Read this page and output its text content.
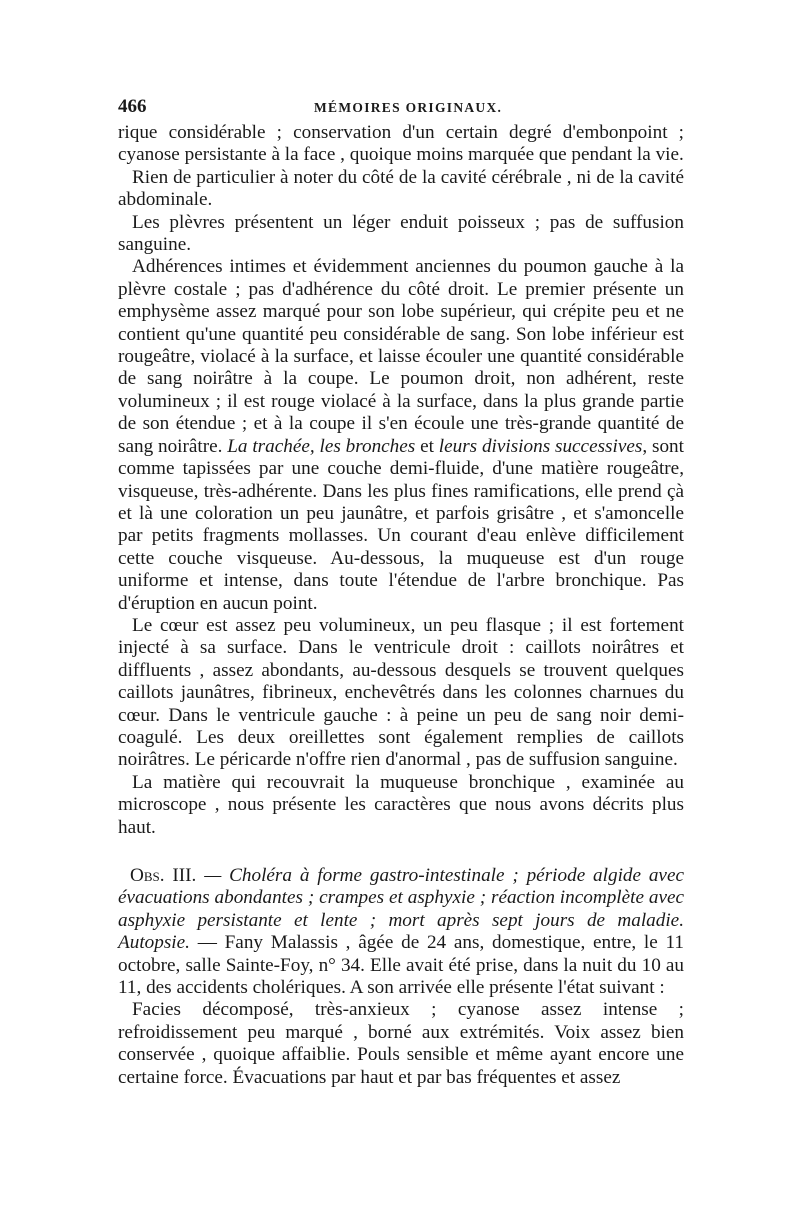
466	MÉMOIRES ORIGINAUX.

rique considérable ; conservation d'un certain degré d'embonpoint ; cyanose persistante à la face , quoique moins marquée que pendant la vie.

Rien de particulier à noter du côté de la cavité cérébrale , ni de la cavité abdominale.

Les plèvres présentent un léger enduit poisseux ; pas de suffusion sanguine.

Adhérences intimes et évidemment anciennes du poumon gauche à la plèvre costale ; pas d'adhérence du côté droit. Le premier présente un emphysème assez marqué pour son lobe supérieur, qui crépite peu et ne contient qu'une quantité peu considérable de sang. Son lobe inférieur est rougeâtre, violacé à la surface, et laisse écouler une quantité considérable de sang noirâtre à la coupe. Le poumon droit, non adhérent, reste volumineux ; il est rouge violacé à la surface, dans la plus grande partie de son étendue ; et à la coupe il s'en écoule une très-grande quantité de sang noirâtre. La trachée, les bronches et leurs divisions successives, sont comme tapissées par une couche demi-fluide, d'une matière rougeâtre, visqueuse, très-adhérente. Dans les plus fines ramifications, elle prend çà et là une coloration un peu jaunâtre, et parfois grisâtre , et s'amoncelle par petits fragments mollasses. Un courant d'eau enlève difficilement cette couche visqueuse. Au-dessous, la muqueuse est d'un rouge uniforme et intense, dans toute l'étendue de l'arbre bronchique. Pas d'éruption en aucun point.

Le cœur est assez peu volumineux, un peu flasque ; il est fortement injecté à sa surface. Dans le ventricule droit : caillots noirâtres et diffluents , assez abondants, au-dessous desquels se trouvent quelques caillots jaunâtres, fibrineux, enchevêtrés dans les colonnes charnues du cœur. Dans le ventricule gauche : à peine un peu de sang noir demi-coagulé. Les deux oreillettes sont également remplies de caillots noirâtres. Le péricarde n'offre rien d'anormal , pas de suffusion sanguine.

La matière qui recouvrait la muqueuse bronchique , examinée au microscope , nous présente les caractères que nous avons décrits plus haut.

Obs. III. — Choléra à forme gastro-intestinale ; période algide avec évacuations abondantes ; crampes et asphyxie ; réaction incomplète avec asphyxie persistante et lente ; mort après sept jours de maladie. Autopsie. — Fany Malassis , âgée de 24 ans, domestique, entre, le 11 octobre, salle Sainte-Foy, n° 34. Elle avait été prise, dans la nuit du 10 au 11, des accidents cholériques. A son arrivée elle présente l'état suivant :

Facies décomposé, très-anxieux ; cyanose assez intense ; refroidissement peu marqué , borné aux extrémités. Voix assez bien conservée , quoique affaiblie. Pouls sensible et même ayant encore une certaine force. Évacuations par haut et par bas fréquentes et assez
